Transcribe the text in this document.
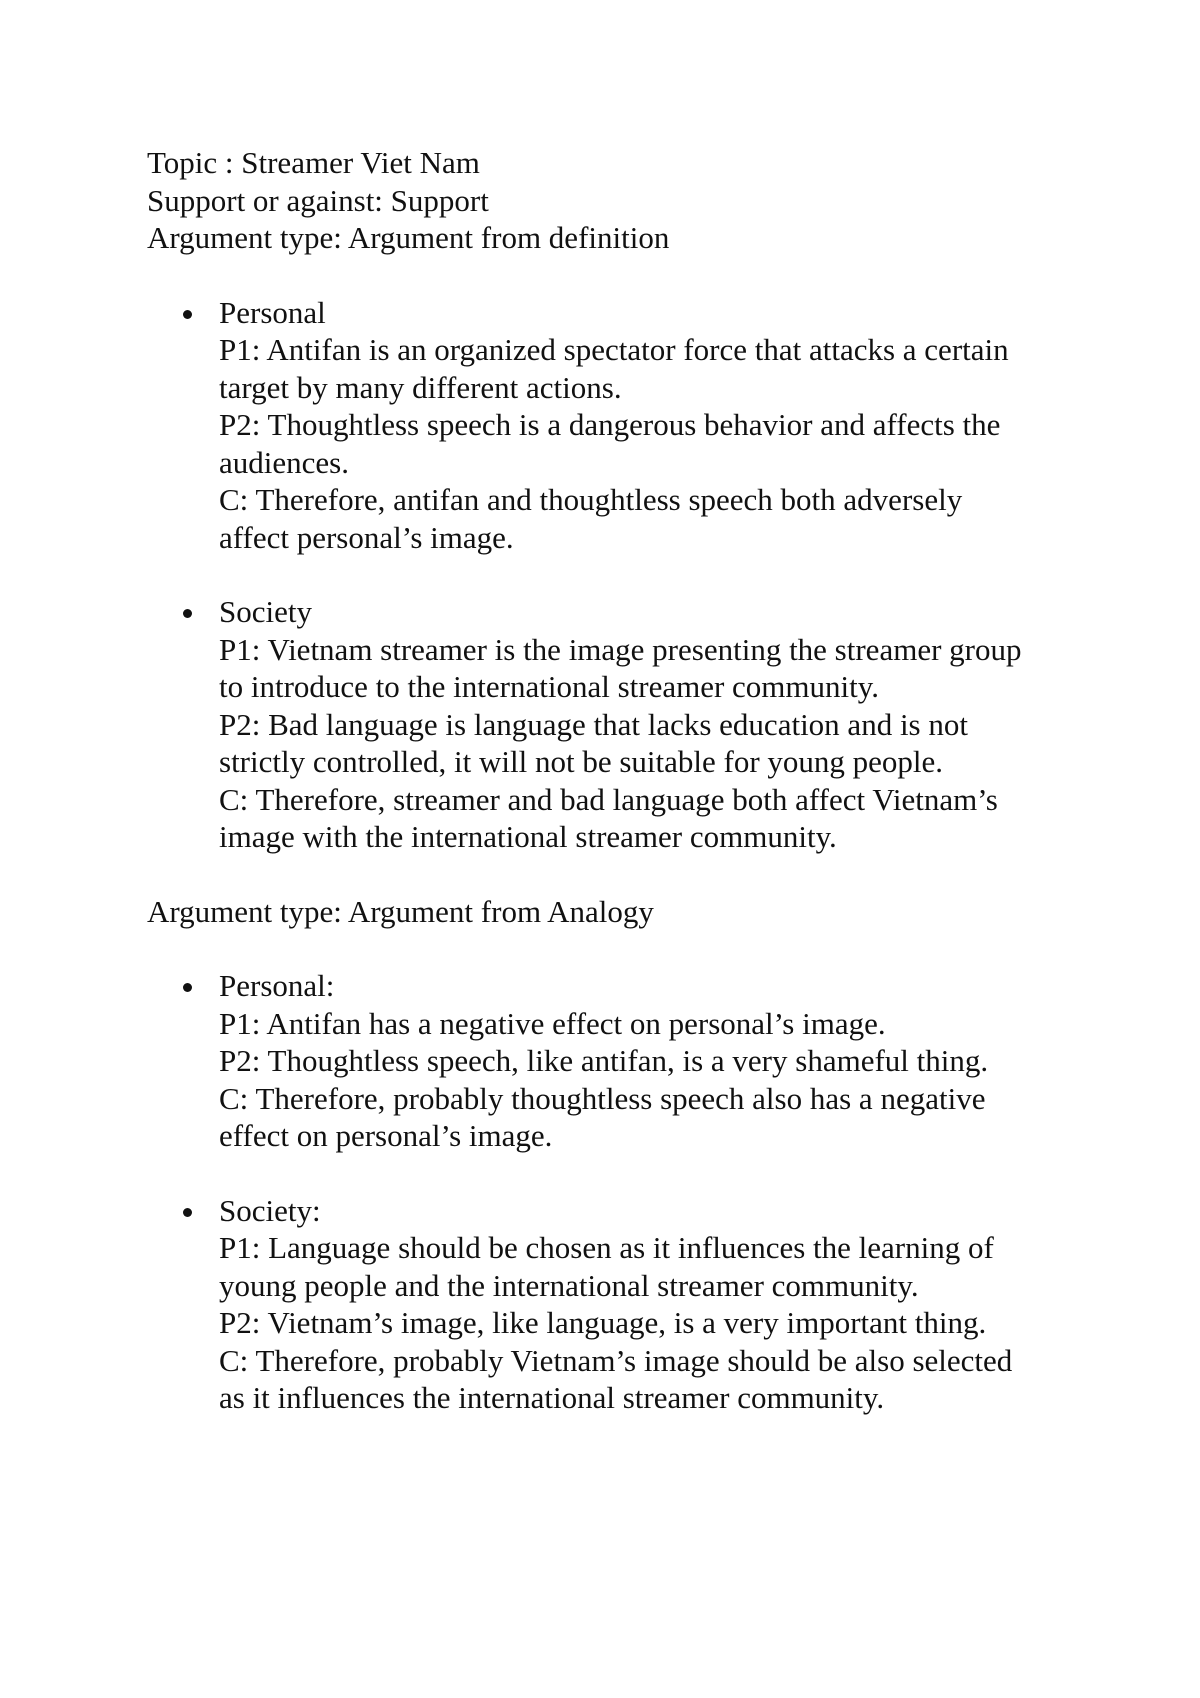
Topic : Streamer Viet Nam
Support or against: Support
Argument type: Argument from definition
Personal
P1: Antifan is an organized spectator force that attacks a certain
target by many different actions.
P2: Thoughtless speech is a dangerous behavior and affects the
audiences.
C: Therefore, antifan and thoughtless speech both adversely
affect personal’s image.
Society
P1: Vietnam streamer is the image presenting the streamer group
to introduce to the international streamer community.
P2: Bad language is language that lacks education and is not
strictly controlled, it will not be suitable for young people.
C: Therefore, streamer and bad language both affect Vietnam’s
image with the international streamer community.
Argument type: Argument from Analogy
Personal:
P1: Antifan has a negative effect on personal’s image.
P2: Thoughtless speech, like antifan, is a very shameful thing.
C: Therefore, probably thoughtless speech also has a negative
effect on personal’s image.
Society:
P1: Language should be chosen as it influences the learning of
young people and the international streamer community.
P2: Vietnam’s image, like language, is a very important thing.
C: Therefore, probably Vietnam’s image should be also selected
as it influences the international streamer community.
